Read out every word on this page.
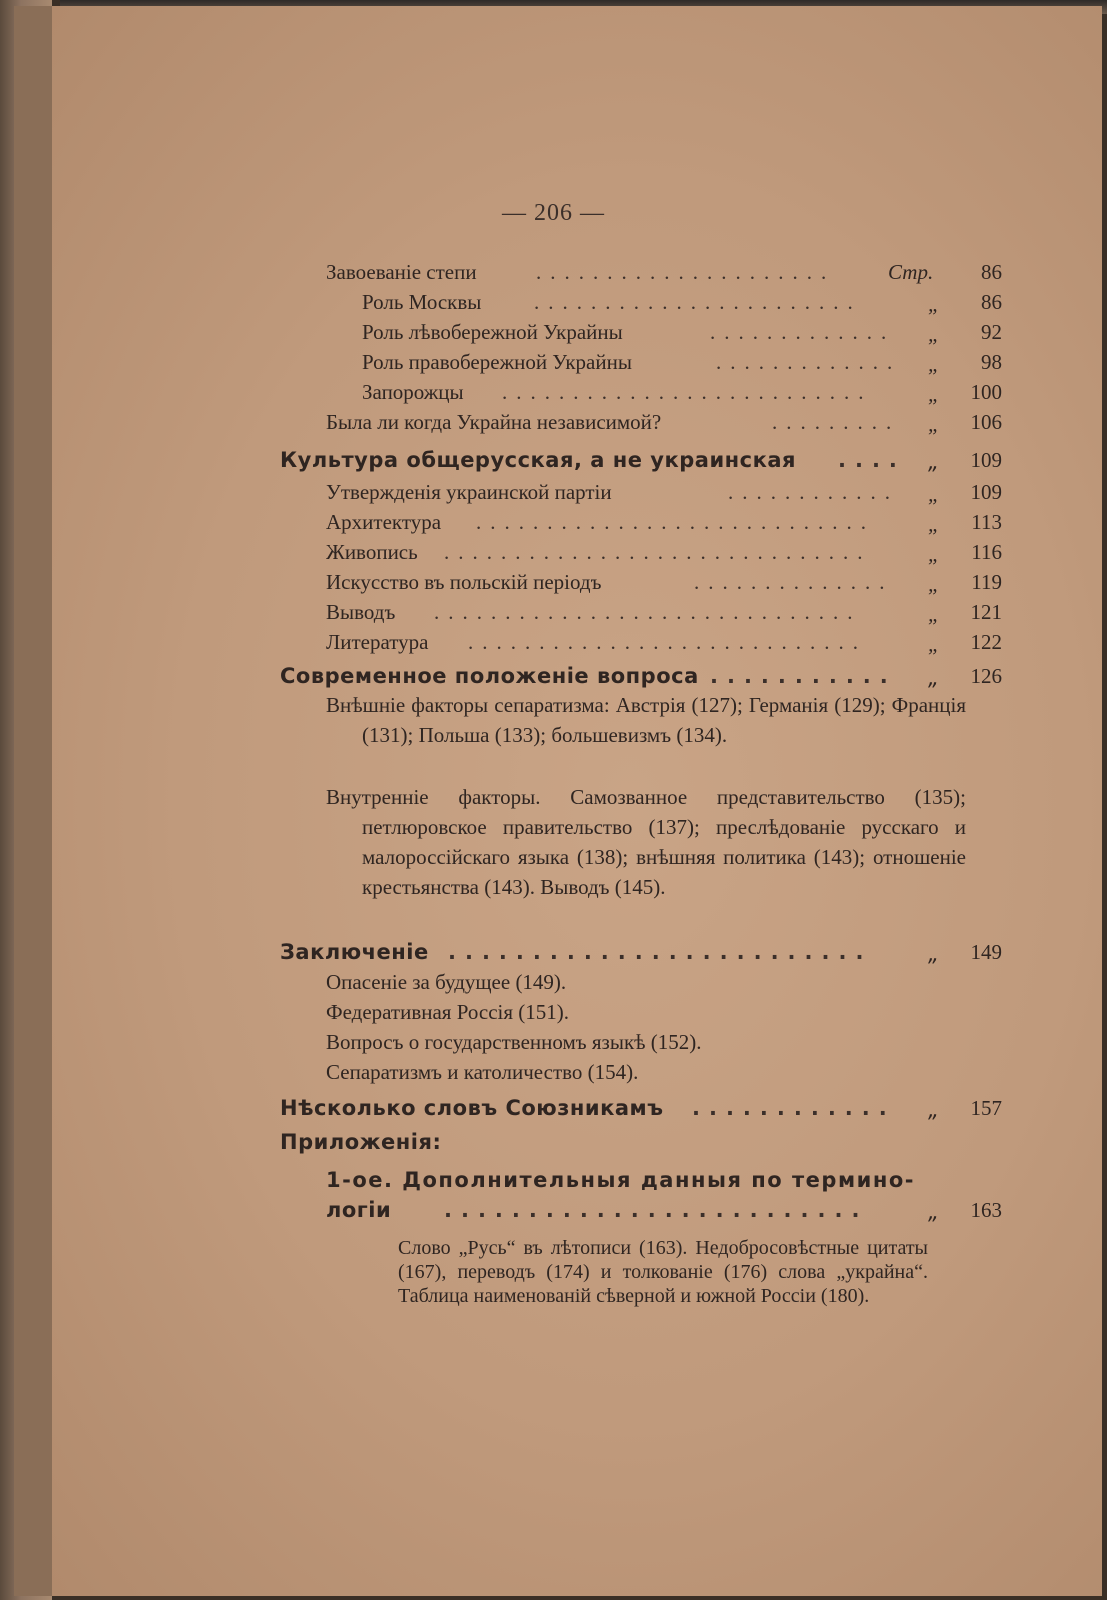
— 206 —
Завоеваніе степи	.....................	Стр.	86
Роль Москвы	.......................	„	86
Роль лѣвобережной Украйны	.............	„	92
Роль правобережной Украйны	.............	„	98
Запорожцы ..........................	„	100
Была ли когда Украйна независимой?	.........	„	106
Культура общерусская, а не украинская ....	„	109
Утвержденія украинской партіи	............	„	109
Архитектура ............................	„	113
Живопись ..............................	„	116
Искусство въ польскій періодъ	..............	„	119
Выводъ ..............................	„	121
Литература ............................	„	122
Современное положеніе вопроса ...........	„	126
Внѣшніе факторы сепаратизма: Австрія (127); Германія (129); Франція (131); Польша (133); большевизмъ (134).
Внутренніе факторы. Самозванное представительство (135); петлюровское правительство (137); преслѣдованіе русскаго и малороссійскаго языка (138); внѣшняя политика (143); отношеніе крестьянства (143). Выводъ (145).
Заключеніе .........................	„	149
Опасеніе за будущее (149).
Федеративная Россія (151).
Вопросъ о государственномъ языкѣ (152).
Сепаратизмъ и католичество (154).
Нѣсколько словъ Союзникамъ ............	„	157
Приложенія:
1-ое. Дополнительныя данныя по термино-
логіи	.........................	„	163
Слово „Русь“ въ лѣтописи (163). Недобросовѣстные цитаты (167), переводъ (174) и толкованіе (176) слова „украйна“. Таблица наименованій сѣверной и южной Россіи (180).
